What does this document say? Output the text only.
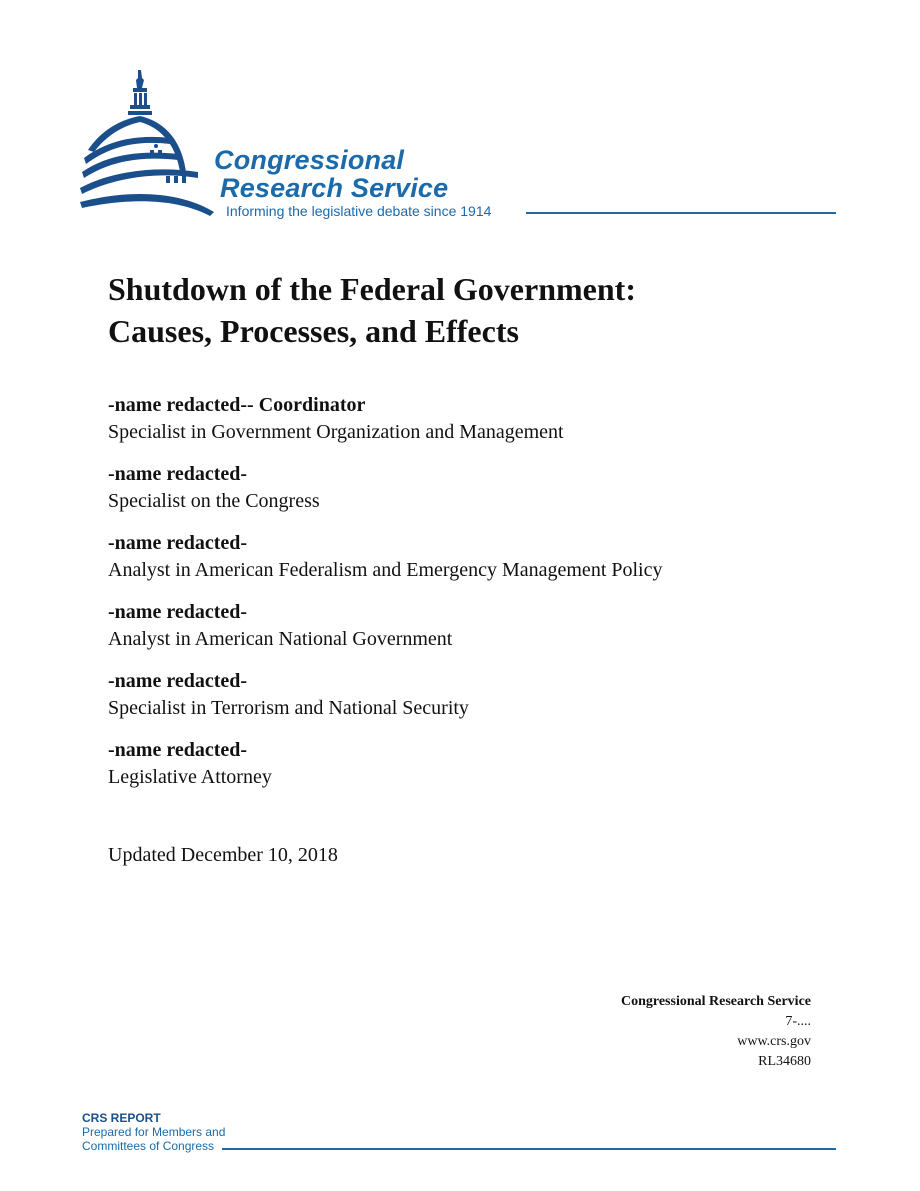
Congressional
Research Service
Informing the legislative debate since 1914
Shutdown of the Federal Government:
Causes, Processes, and Effects
-name redacted-- Coordinator
Specialist in Government Organization and Management
-name redacted-
Specialist on the Congress
-name redacted-
Analyst in American Federalism and Emergency Management Policy
-name redacted-
Analyst in American National Government
-name redacted-
Specialist in Terrorism and National Security
-name redacted-
Legislative Attorney
Updated December 10, 2018
Congressional Research Service
7-....
www.crs.gov
RL34680
CRS REPORT
Prepared for Members and
Committees of Congress
